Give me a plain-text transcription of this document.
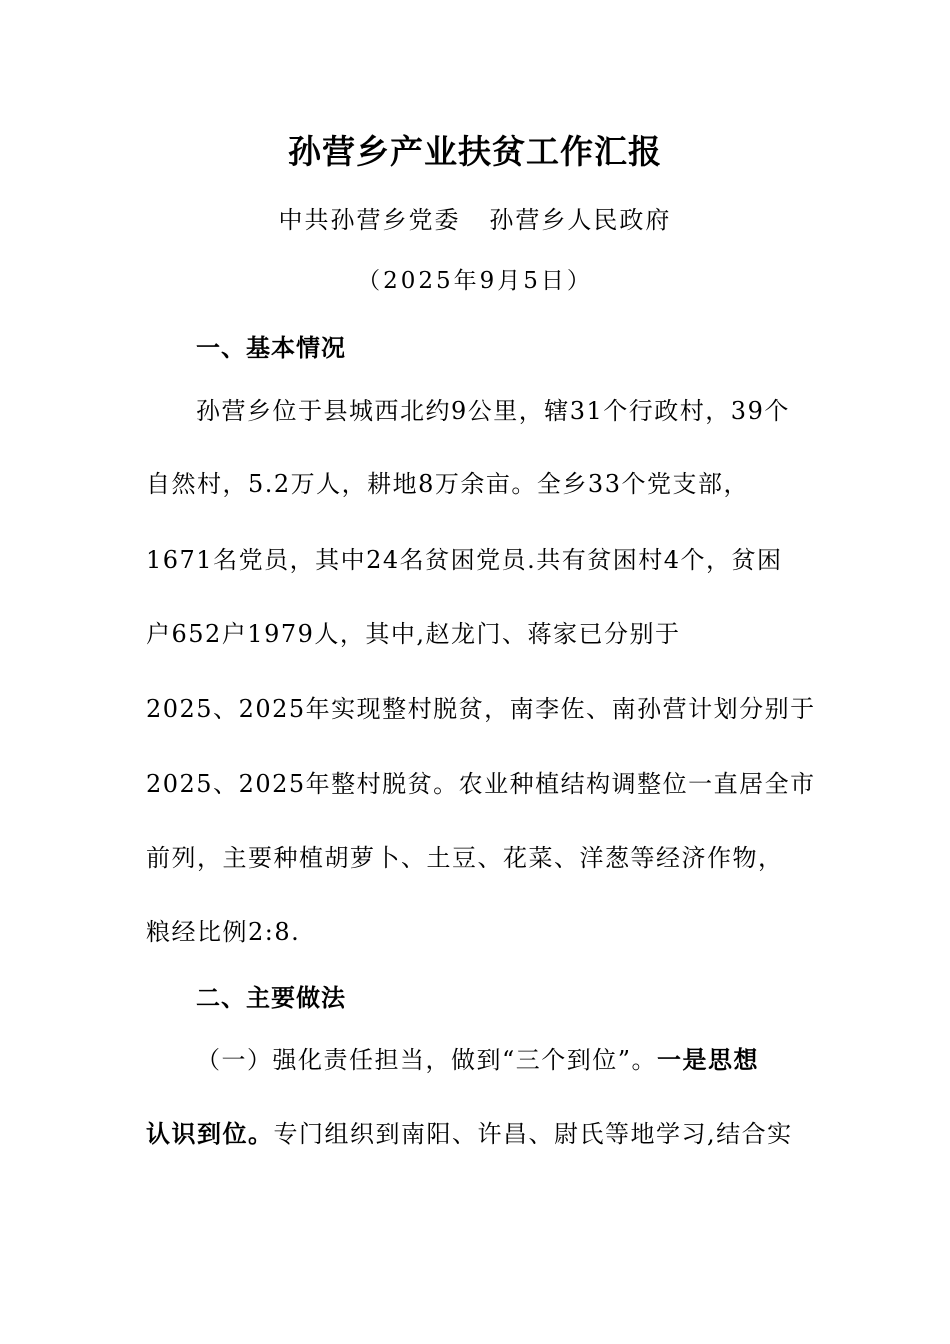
孙营乡产业扶贫工作汇报
中共孙营乡党委   孙营乡人民政府
（2025年9月5日）
一、基本情况
孙营乡位于县城西北约9公里，辖31个行政村，39个
自然村，5.2万人，耕地8万余亩。全乡33个党支部，
1671名党员，其中24名贫困党员.共有贫困村4个，贫困
户652户1979人，其中,赵龙门、蒋家已分别于
2025、2025年实现整村脱贫，南李佐、南孙营计划分别于
2025、2025年整村脱贫。农业种植结构调整位一直居全市
前列，主要种植胡萝卜、土豆、花菜、洋葱等经济作物，
粮经比例2:8.
二、主要做法
（一）强化责任担当，做到“三个到位”。一是思想
认识到位。专门组织到南阳、许昌、尉氏等地学习,结合实
